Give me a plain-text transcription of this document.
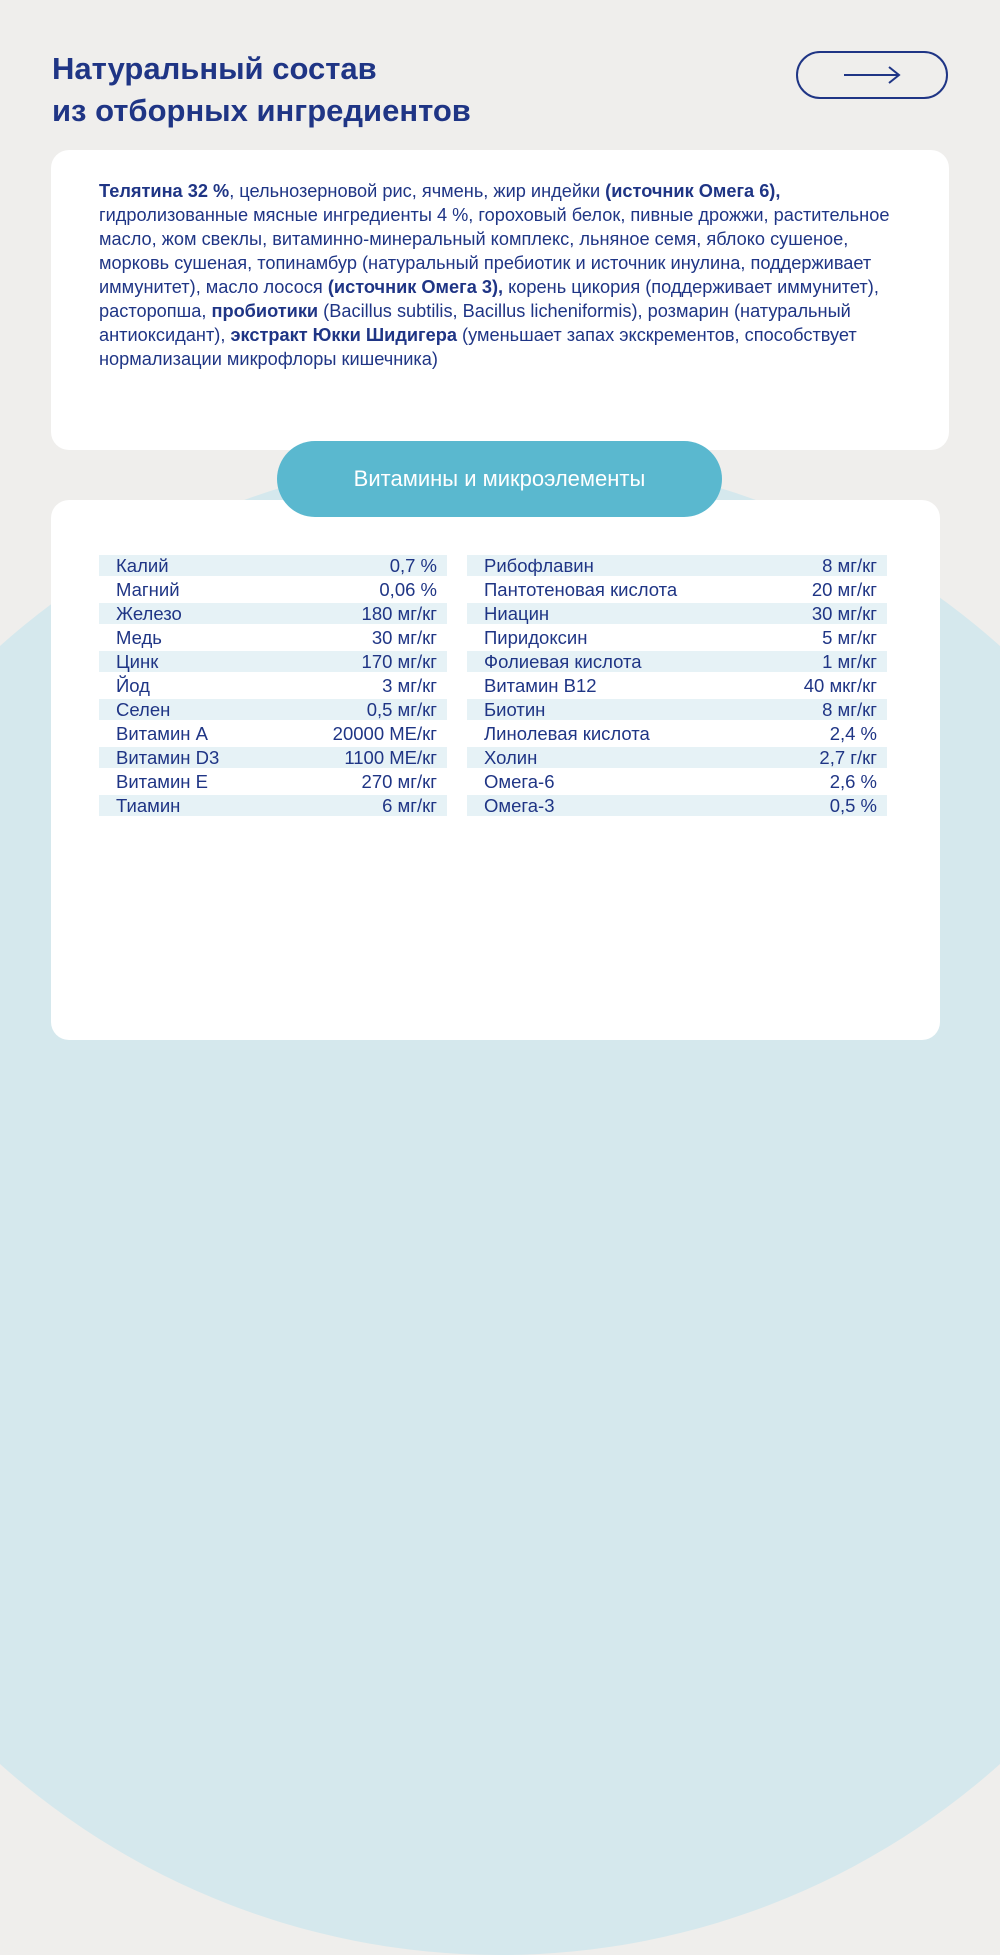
Натуральный состав
из отборных ингредиентов

Телятина 32 %, цельнозерновой рис, ячмень, жир индейки (источник Омега 6), гидролизованные мясные ингредиенты 4 %, гороховый белок, пивные дрожжи, растительное масло, жом свеклы, витаминно-минеральный комплекс, льняное семя, яблоко сушеное, морковь сушеная, топинамбур (натуральный пребиотик и источник инулина, поддерживает иммунитет), масло лосося (источник Омега 3), корень цикория (поддерживает иммунитет), расторопша, пробиотики (Bacillus subtilis, Bacillus licheniformis), розмарин (натуральный антиоксидант), экстракт Юкки Шидигера (уменьшает запах экскрементов, способствует нормализации микрофлоры кишечника)

Витамины и микроэлементы
Калий	0,7 %
Магний	0,06 %
Железо	180 мг/кг
Медь	30 мг/кг
Цинк	170 мг/кг
Йод	3 мг/кг
Селен	0,5 мг/кг
Витамин А	20000 МЕ/кг
Витамин D3	1100 МЕ/кг
Витамин Е	270 мг/кг
Тиамин	6 мг/кг
Рибофлавин	8 мг/кг
Пантотеновая кислота	20 мг/кг
Ниацин	30 мг/кг
Пиридоксин	5 мг/кг
Фолиевая кислота	1 мг/кг
Витамин В12	40 мкг/кг
Биотин	8 мг/кг
Линолевая кислота	2,4 %
Холин	2,7 г/кг
Омега-6	2,6 %
Омега-3	0,5 %
